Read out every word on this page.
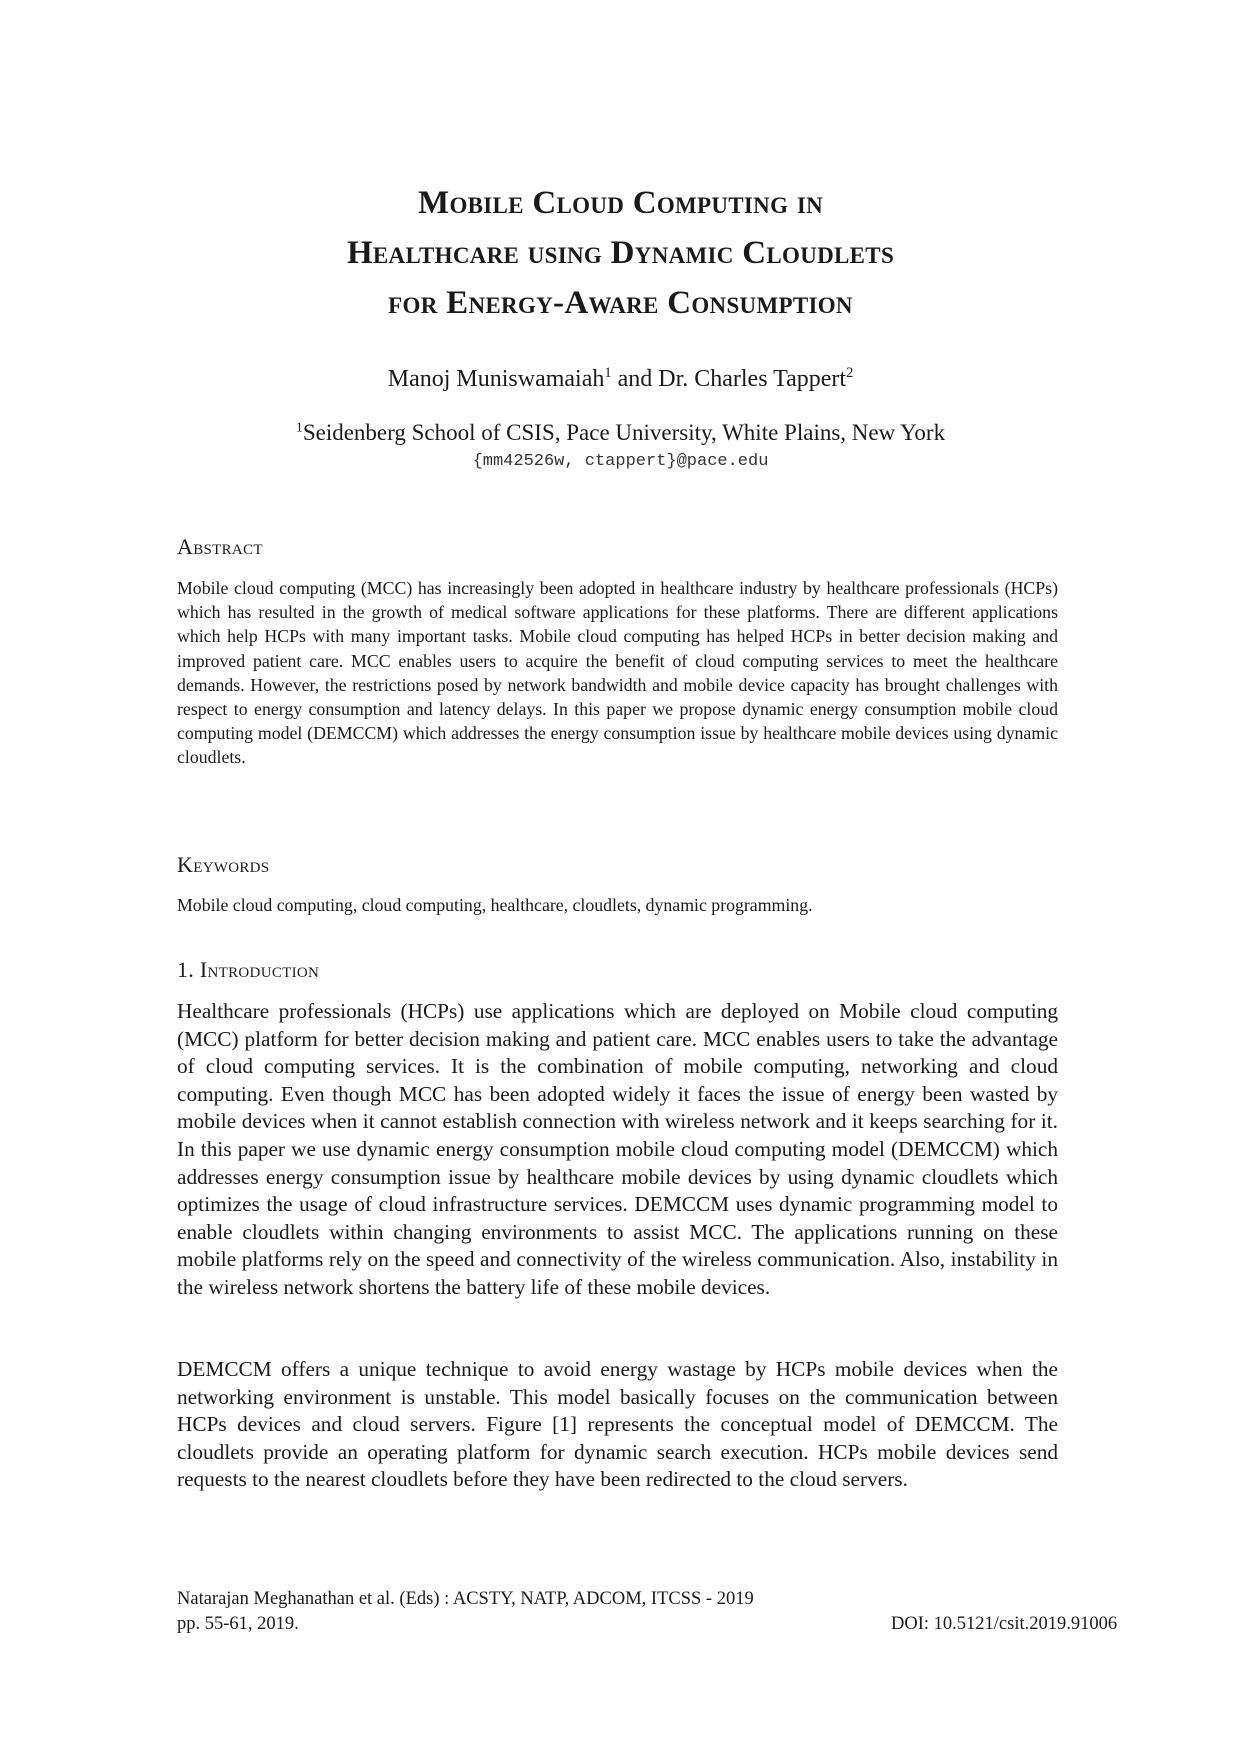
Mobile Cloud Computing in
Healthcare using Dynamic Cloudlets
for Energy-Aware Consumption
Manoj Muniswamaiah$^1$ and Dr. Charles Tappert$^2$
$^1$Seidenberg School of CSIS, Pace University, White Plains, New York
{mm42526w, ctappert}@pace.edu
Abstract
Mobile cloud computing (MCC) has increasingly been adopted in healthcare industry by healthcare professionals (HCPs) which has resulted in the growth of medical software applications for these platforms. There are different applications which help HCPs with many important tasks. Mobile cloud computing has helped HCPs in better decision making and improved patient care. MCC enables users to acquire the benefit of cloud computing services to meet the healthcare demands. However, the restrictions posed by network bandwidth and mobile device capacity has brought challenges with respect to energy consumption and latency delays. In this paper we propose dynamic energy consumption mobile cloud computing model (DEMCCM) which addresses the energy consumption issue by healthcare mobile devices using dynamic cloudlets.
Keywords
Mobile cloud computing, cloud computing, healthcare, cloudlets, dynamic programming.
1. Introduction
Healthcare professionals (HCPs) use applications which are deployed on Mobile cloud computing (MCC) platform for better decision making and patient care. MCC enables users to take the advantage of cloud computing services. It is the combination of mobile computing, networking and cloud computing. Even though MCC has been adopted widely it faces the issue of energy been wasted by mobile devices when it cannot establish connection with wireless network and it keeps searching for it. In this paper we use dynamic energy consumption mobile cloud computing model (DEMCCM) which addresses energy consumption issue by healthcare mobile devices by using dynamic cloudlets which optimizes the usage of cloud infrastructure services. DEMCCM uses dynamic programming model to enable cloudlets within changing environments to assist MCC. The applications running on these mobile platforms rely on the speed and connectivity of the wireless communication. Also, instability in the wireless network shortens the battery life of these mobile devices.
DEMCCM offers a unique technique to avoid energy wastage by HCPs mobile devices when the networking environment is unstable. This model basically focuses on the communication between HCPs devices and cloud servers. Figure [1] represents the conceptual model of DEMCCM. The cloudlets provide an operating platform for dynamic search execution. HCPs mobile devices send requests to the nearest cloudlets before they have been redirected to the cloud servers.
Natarajan Meghanathan et al. (Eds) : ACSTY, NATP, ADCOM, ITCSS - 2019
pp. 55-61, 2019.	DOI: 10.5121/csit.2019.91006
